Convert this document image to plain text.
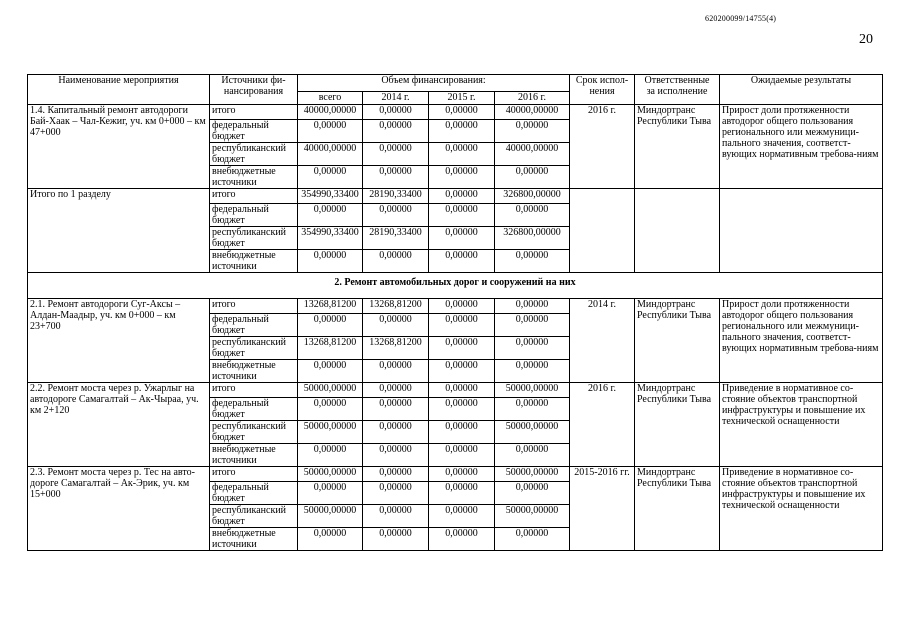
620200099/14755(4)
20
Наименование мероприятия	Источники фи-
нансирования	Объем финансирования:				Срок испол-
нения	Ответственные
за исполнение	Ожидаемые результаты
		всего	2014 г.	2015 г.	2016 г.			
1.4. Капитальный ремонт автодороги Бай-Хаак – Чал-Кежиг, уч. км 0+000 – км 47+000	итого	40000,00000	0,00000	0,00000	40000,00000	2016 г.	Миндортранс Республики Тыва	Прирост доли протяженности автодорог общего пользования регионального или межмуници-пального значения, соответст-вующих нормативным требова-ниям
	федеральный
бюджет	0,00000	0,00000	0,00000	0,00000			
	республиканский
бюджет	40000,00000	0,00000	0,00000	40000,00000			
	внебюджетные
источники	0,00000	0,00000	0,00000	0,00000			
Итого по 1 разделу	итого	354990,33400	28190,33400	0,00000	326800,00000			
	федеральный
бюджет	0,00000	0,00000	0,00000	0,00000			
	республиканский
бюджет	354990,33400	28190,33400	0,00000	326800,00000			
	внебюджетные
источники	0,00000	0,00000	0,00000	0,00000			
2. Ремонт автомобильных дорог и сооружений на них								
2.1. Ремонт автодороги Суг-Аксы – Алдан-Маадыр, уч. км 0+000 – км 23+700	итого	13268,81200	13268,81200	0,00000	0,00000	2014 г.	Миндортранс Республики Тыва	Прирост доли протяженности автодорог общего пользования регионального или межмуници-пального значения, соответст-вующих нормативным требова-ниям
	федеральный
бюджет	0,00000	0,00000	0,00000	0,00000			
	республиканский
бюджет	13268,81200	13268,81200	0,00000	0,00000			
	внебюджетные
источники	0,00000	0,00000	0,00000	0,00000			
2.2. Ремонт моста через р. Ужарлыг на автодороге Самагалтай – Ак-Чыраа, уч. км 2+120	итого	50000,00000	0,00000	0,00000	50000,00000	2016 г.	Миндортранс Республики Тыва	Приведение в нормативное со-стояние объектов транспортной инфраструктуры и повышение их технической оснащенности
	федеральный
бюджет	0,00000	0,00000	0,00000	0,00000			
	республиканский
бюджет	50000,00000	0,00000	0,00000	50000,00000			
	внебюджетные
источники	0,00000	0,00000	0,00000	0,00000			
2.3. Ремонт моста через р. Тес на авто-дороге Самагалтай – Ак-Эрик, уч. км 15+000	итого	50000,00000	0,00000	0,00000	50000,00000	2015-2016 гг.	Миндортранс Республики Тыва	Приведение в нормативное со-стояние объектов транспортной инфраструктуры и повышение их технической оснащенности
	федеральный
бюджет	0,00000	0,00000	0,00000	0,00000			
	республиканский
бюджет	50000,00000	0,00000	0,00000	50000,00000			
	внебюджетные
источники	0,00000	0,00000	0,00000	0,00000			
